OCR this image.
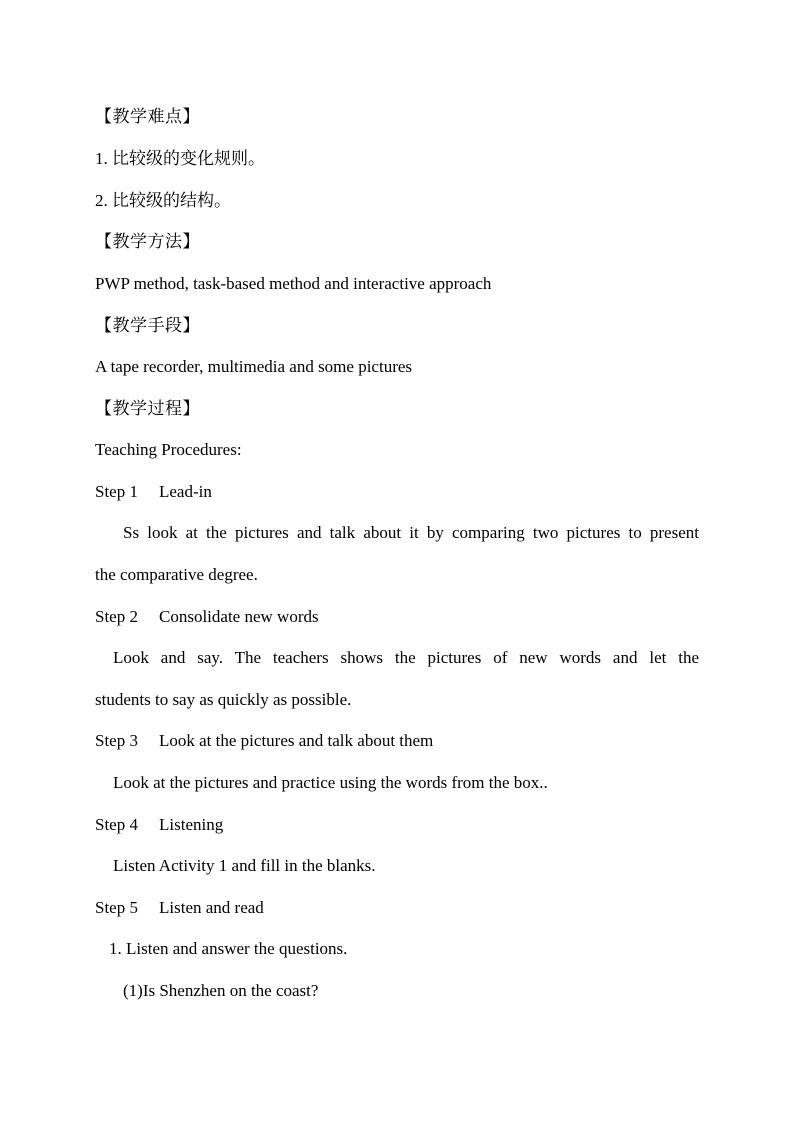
【教学难点】
1. 比较级的变化规则。
2. 比较级的结构。
【教学方法】
PWP method, task-based method and interactive approach
【教学手段】
A tape recorder, multimedia and some pictures
【教学过程】
Teaching Procedures:
Step 1 Lead-in
Ss look at the pictures and talk about it by comparing two pictures to present
the comparative degree.
Step 2 Consolidate new words
Look and say. The teachers shows the pictures of new words and let the
students to say as quickly as possible.
Step 3 Look at the pictures and talk about them
Look at the pictures and practice using the words from the box..
Step 4 Listening
Listen Activity 1 and fill in the blanks.
Step 5 Listen and read
1. Listen and answer the questions.
(1)Is Shenzhen on the coast?
